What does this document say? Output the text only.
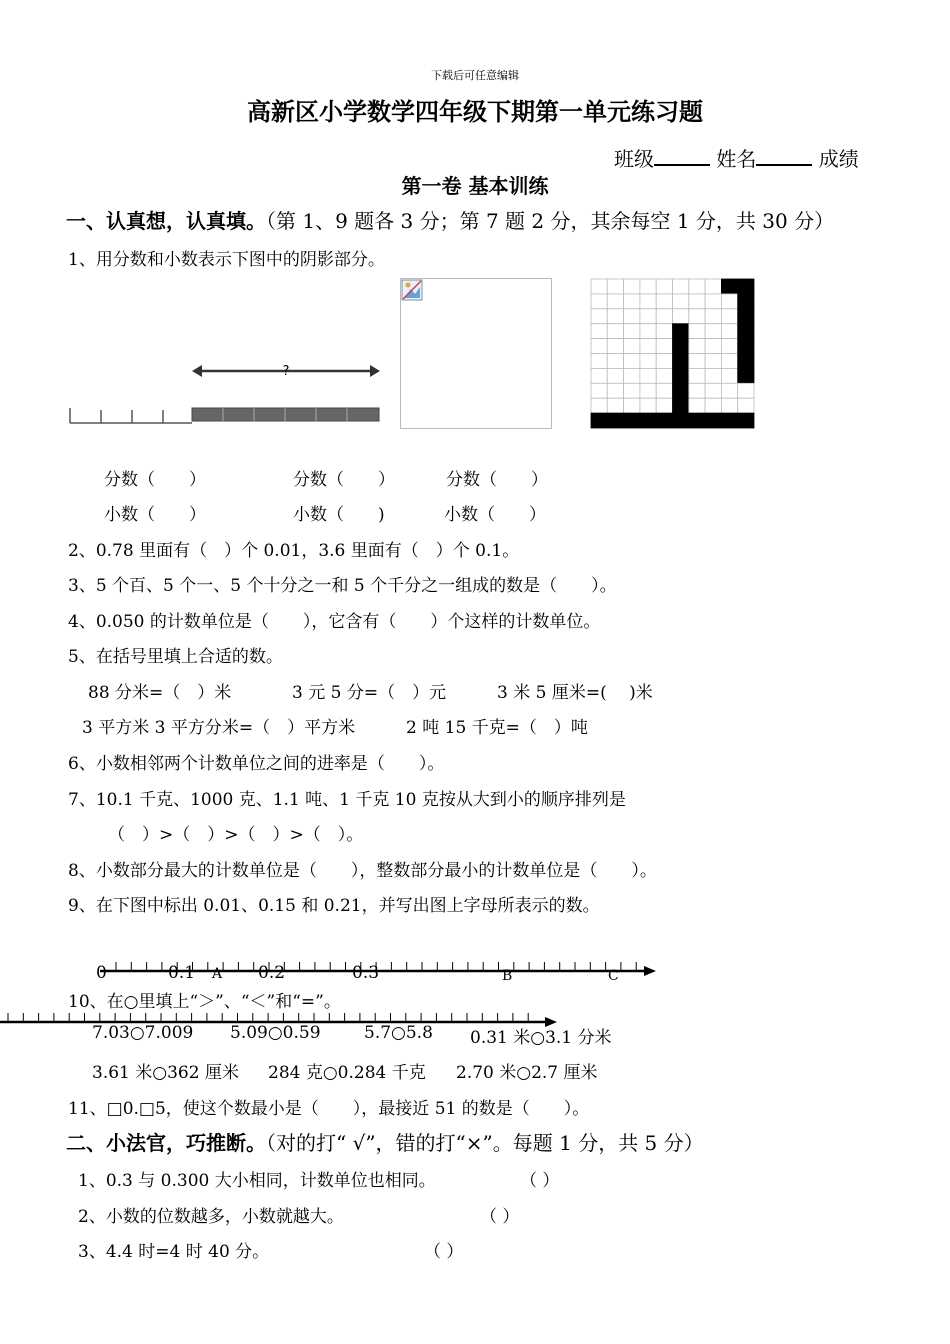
下载后可任意编辑
高新区小学数学四年级下期第一单元练习题
班级	姓名	成绩
第一卷 基本训练
一、认真想，认真填。（第 1、9 题各 3 分；第 7 题 2 分，其余每空 1 分，共 30 分）
1、用分数和小数表示下图中的阴影部分。
?
分数（　　）	分数（　　）	分数（　　）
小数（　　）	小数（　　)	小数（　　）
2、0.78 里面有（　）个 0.01，3.6 里面有（　）个 0.1。
3、5 个百、5 个一、5 个十分之一和 5 个千分之一组成的数是（　　）。
4、0.050 的计数单位是（　　），它含有（　　）个这样的计数单位。
5、在括号里填上合适的数。
88 分米=（　）米	3 元 5 分=（　）元	3 米 5 厘米=(　 )米
3 平方米 3 平方分米=（　）平方米	2 吨 15 千克=（　）吨
6、小数相邻两个计数单位之间的进率是（　　）。
7、10.1 千克、1000 克、1.1 吨、1 千克 10 克按从大到小的顺序排列是
（　）>（　）>（　）>（　）。
8、小数部分最大的计数单位是（　　），整数部分最小的计数单位是（　　）。
9、在下图中标出 0.01、0.15 和 0.21，并写出图上字母所表示的数。
0	0.1 A 0.2	0.3	B	C
10、在○里填上“＞”、“＜”和“=”。
7.03○7.009 5.09○0.59	5.7○5.8 0.31 米○3.1 分米
3.61 米○362 厘米 284 克○0.284 千克 2.70 米○2.7 厘米
11、□0.□5，使这个数最小是（　　），最接近 51 的数是（　　）。
二、小法官，巧推断。（对的打“ √”，错的打“×”。每题 1 分，共 5 分）
1、0.3 与 0.300 大小相同，计数单位也相同。	（ ）
2、小数的位数越多，小数就越大。	（ ）
3、4.4 时=4 时 40 分。	（ ）
